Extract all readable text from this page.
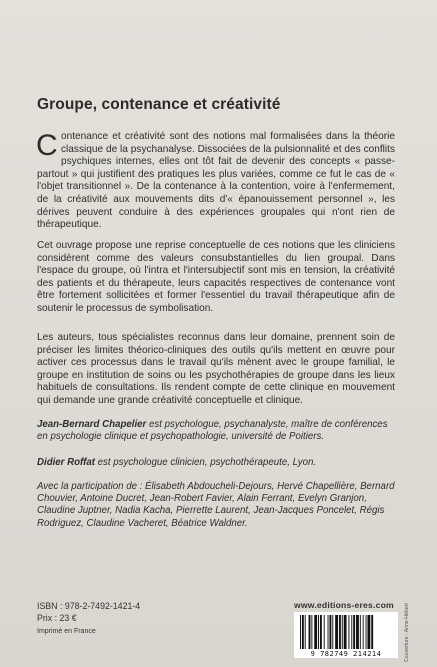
Groupe, contenance et créativité
C ontenance et créativité sont des notions mal formalisées dans la théorie classique de la psychanalyse. Dissociées de la pulsionnalité et des conflits psychiques internes, elles ont tôt fait de devenir des concepts « passe-partout » qui justifient des pratiques les plus variées, comme ce fut le cas de « l'objet transitionnel ». De la contenance à la contention, voire à l'enfermement, de la créativité aux mouvements dits d'« épanouissement personnel », les dérives peuvent conduire à des expériences groupales qui n'ont rien de thérapeutique.
Cet ouvrage propose une reprise conceptuelle de ces notions que les cliniciens considèrent comme des valeurs consubstantielles du lien groupal. Dans l'espace du groupe, où l'intra et l'intersubjectif sont mis en tension, la créativité des patients et du thérapeute, leurs capacités respectives de contenance vont être fortement sollicitées et former l'essentiel du travail thérapeutique afin de soutenir le processus de symbolisation.
Les auteurs, tous spécialistes reconnus dans leur domaine, prennent soin de préciser les limites théorico-cliniques des outils qu'ils mettent en œuvre pour activer ces processus dans le travail qu'ils mènent avec le groupe familial, le groupe en institution de soins ou les psychothérapies de groupe dans les lieux habituels de consultations. Ils rendent compte de cette clinique en mouvement qui demande une grande créativité conceptuelle et clinique.
Jean-Bernard Chapelier est psychologue, psychanalyste, maître de conférences en psychologie clinique et psychopathologie, université de Poitiers.
Didier Roffat est psychologue clinicien, psychothérapeute, Lyon.
Avec la participation de : Élisabeth Abdoucheli-Dejours, Hervé Chapellière, Bernard Chouvier, Antoine Ducret, Jean-Robert Favier, Alain Ferrant, Evelyn Granjon, Claudine Juptner, Nadia Kacha, Pierrette Laurent, Jean-Jacques Poncelet, Régis Rodriguez, Claudine Vacheret, Béatrice Waldner.
ISBN : 978-2-7492-1421-4
Prix : 23 €
Imprimé en France
www.editions-eres.com
9 782749 214214	Couverture : Anne Hébert
